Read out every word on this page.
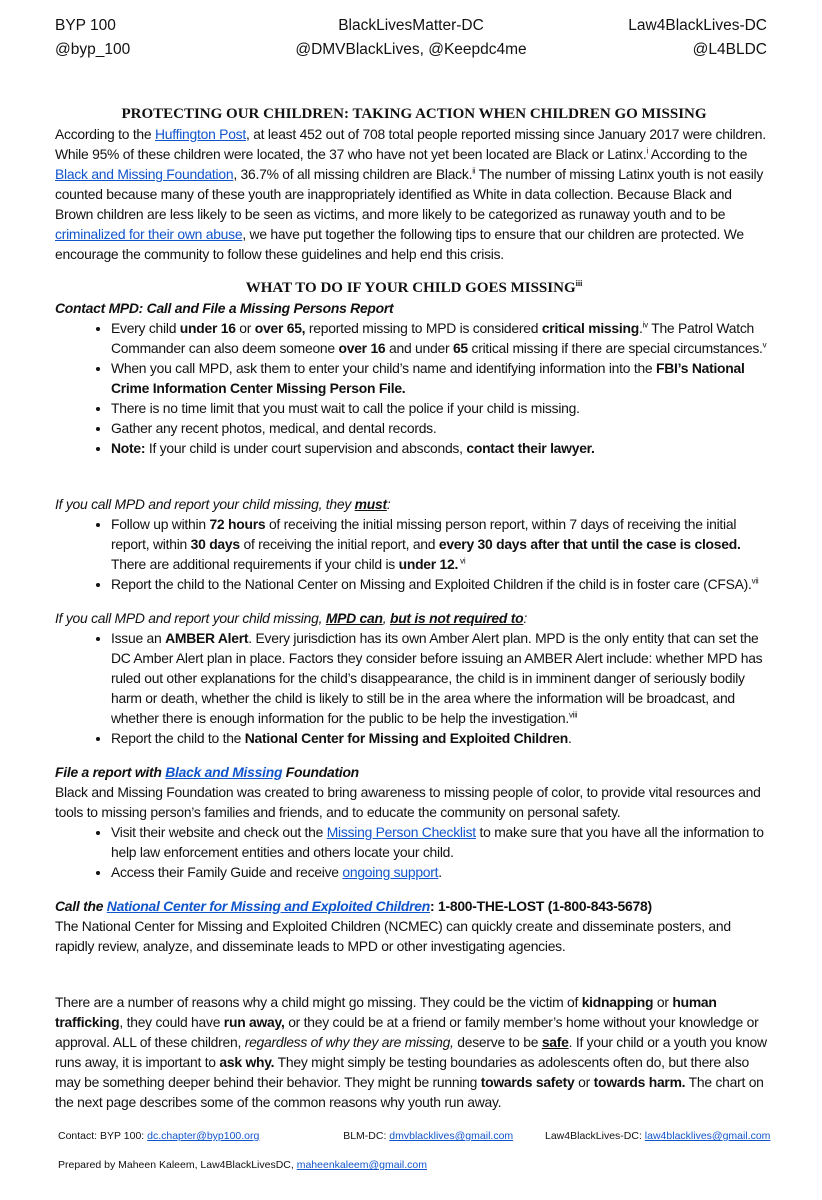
BYP 100
@byp_100
BlackLivesMatter-DC
@DMVBlackLives, @Keepdc4me
Law4BlackLives-DC
@L4BLDC
PROTECTING OUR CHILDREN: TAKING ACTION WHEN CHILDREN GO MISSING

According to the Huffington Post, at least 452 out of 708 total people reported missing since January 2017 were children. While 95% of these children were located, the 37 who have not yet been located are Black or Latinx.$^i$ According to the Black and Missing Foundation, 36.7% of all missing children are Black.$^{ii}$ The number of missing Latinx youth is not easily counted because many of these youth are inappropriately identified as White in data collection. Because Black and Brown children are less likely to be seen as victims, and more likely to be categorized as runaway youth and to be criminalized for their own abuse, we have put together the following tips to ensure that our children are protected. We encourage the community to follow these guidelines and help end this crisis.

WHAT TO DO IF YOUR CHILD GOES MISSING$^{iii}$

Contact MPD: Call and File a Missing Persons Report

• Every child under 16 or over 65, reported missing to MPD is considered critical missing.$^{iv}$ The Patrol Watch Commander can also deem someone over 16 and under 65 critical missing if there are special circumstances.$^v$
• When you call MPD, ask them to enter your child’s name and identifying information into the FBI’s National Crime Information Center Missing Person File.
• There is no time limit that you must wait to call the police if your child is missing.
• Gather any recent photos, medical, and dental records.
• Note: If your child is under court supervision and absconds, contact their lawyer.

If you call MPD and report your child missing, they must:

• Follow up within 72 hours of receiving the initial missing person report, within 7 days of receiving the initial report, within 30 days of receiving the initial report, and every 30 days after that until the case is closed. There are additional requirements if your child is under 12. $^{vi}$
• Report the child to the National Center on Missing and Exploited Children if the child is in foster care (CFSA).$^{vii}$

If you call MPD and report your child missing, MPD can, but is not required to:

• Issue an AMBER Alert. Every jurisdiction has its own Amber Alert plan. MPD is the only entity that can set the DC Amber Alert plan in place. Factors they consider before issuing an AMBER Alert include: whether MPD has ruled out other explanations for the child’s disappearance, the child is in imminent danger of seriously bodily harm or death, whether the child is likely to still be in the area where the information will be broadcast, and whether there is enough information for the public to be help the investigation.$^{viii}$
• Report the child to the National Center for Missing and Exploited Children.

File a report with Black and Missing Foundation

Black and Missing Foundation was created to bring awareness to missing people of color, to provide vital resources and tools to missing person’s families and friends, and to educate the community on personal safety.

• Visit their website and check out the Missing Person Checklist to make sure that you have all the information to help law enforcement entities and others locate your child.
• Access their Family Guide and receive ongoing support.

Call the National Center for Missing and Exploited Children: 1-800-THE-LOST (1-800-843-5678)

The National Center for Missing and Exploited Children (NCMEC) can quickly create and disseminate posters, and rapidly review, analyze, and disseminate leads to MPD or other investigating agencies.

There are a number of reasons why a child might go missing. They could be the victim of kidnapping or human trafficking, they could have run away, or they could be at a friend or family member’s home without your knowledge or approval. ALL of these children, regardless of why they are missing, deserve to be safe. If your child or a youth you know runs away, it is important to ask why. They might simply be testing boundaries as adolescents often do, but there also may be something deeper behind their behavior. They might be running towards safety or towards harm. The chart on the next page describes some of the common reasons why youth run away.

Contact: BYP 100: dc.chapter@byp100.org	BLM-DC: dmvblacklives@gmail.com	Law4BlackLives-DC: law4blacklives@gmail.com
Prepared by Maheen Kaleem, Law4BlackLivesDC, maheenkaleem@gmail.com
